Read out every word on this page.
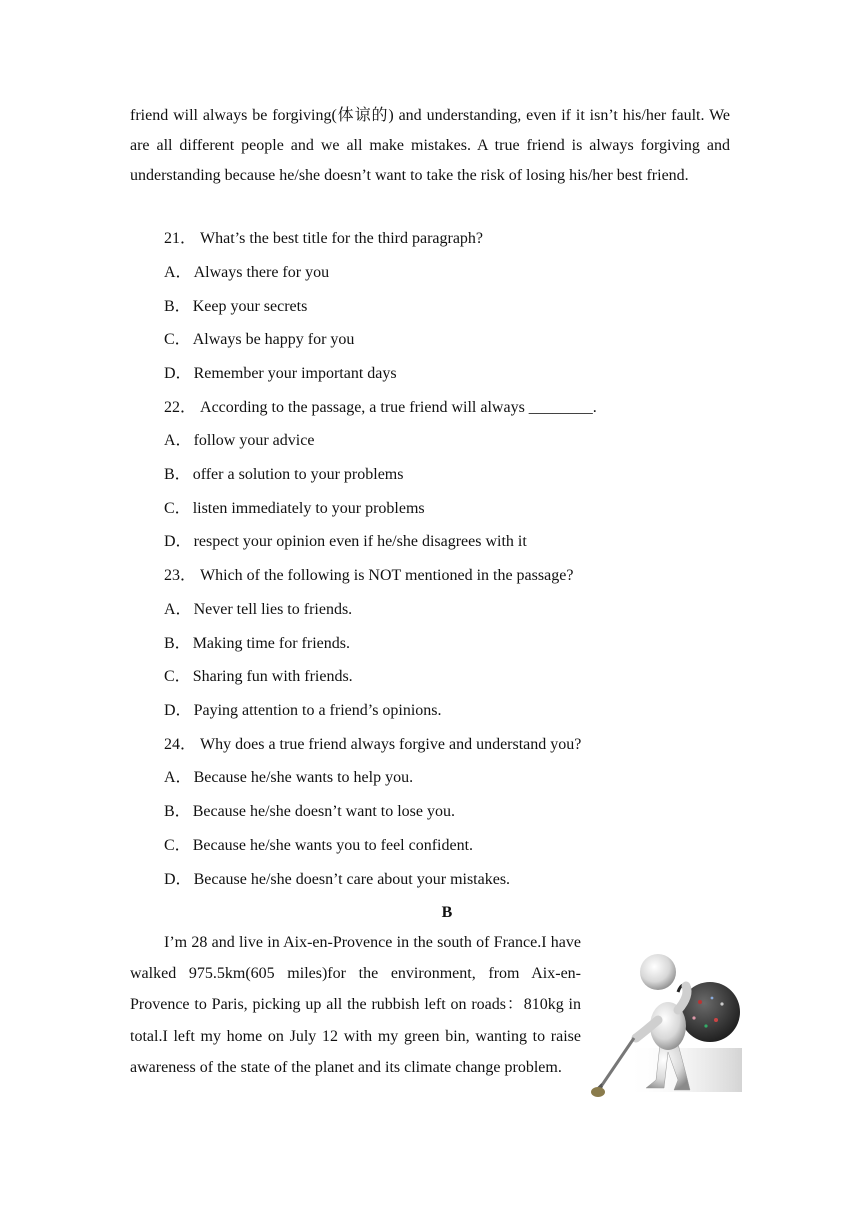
friend will always be forgiving(体谅的) and understanding, even if it isn’t his/her fault. We are all different people and we all make mistakes. A true friend is always forgiving and understanding because he/she doesn’t want to take the risk of losing his/her best friend.

21． What’s the best title for the third paragraph?

A． Always there for you

B． Keep your secrets

C． Always be happy for you

D． Remember your important days

22． According to the passage, a true friend will always ________.

A． follow your advice

B． offer a solution to your problems

C． listen immediately to your problems

D． respect your opinion even if he/she disagrees with it

23． Which of the following is NOT mentioned in the passage?

A． Never tell lies to friends.

B． Making time for friends.

C． Sharing fun with friends.

D． Paying attention to a friend’s opinions.

24． Why does a true friend always forgive and understand you?

A． Because he/she wants to help you.

B． Because he/she doesn’t want to lose you.

C． Because he/she wants you to feel confident.

D． Because he/she doesn’t care about your mistakes.

B

I’m 28 and live in Aix-en-Provence in the south of France.I have walked 975.5km(605 miles)for the environment, from Aix-en-Provence to Paris, picking up all the rubbish left on roads：810kg in total.I left my home on July 12 with my green bin, wanting to raise awareness of the state of the planet and its climate change problem.
